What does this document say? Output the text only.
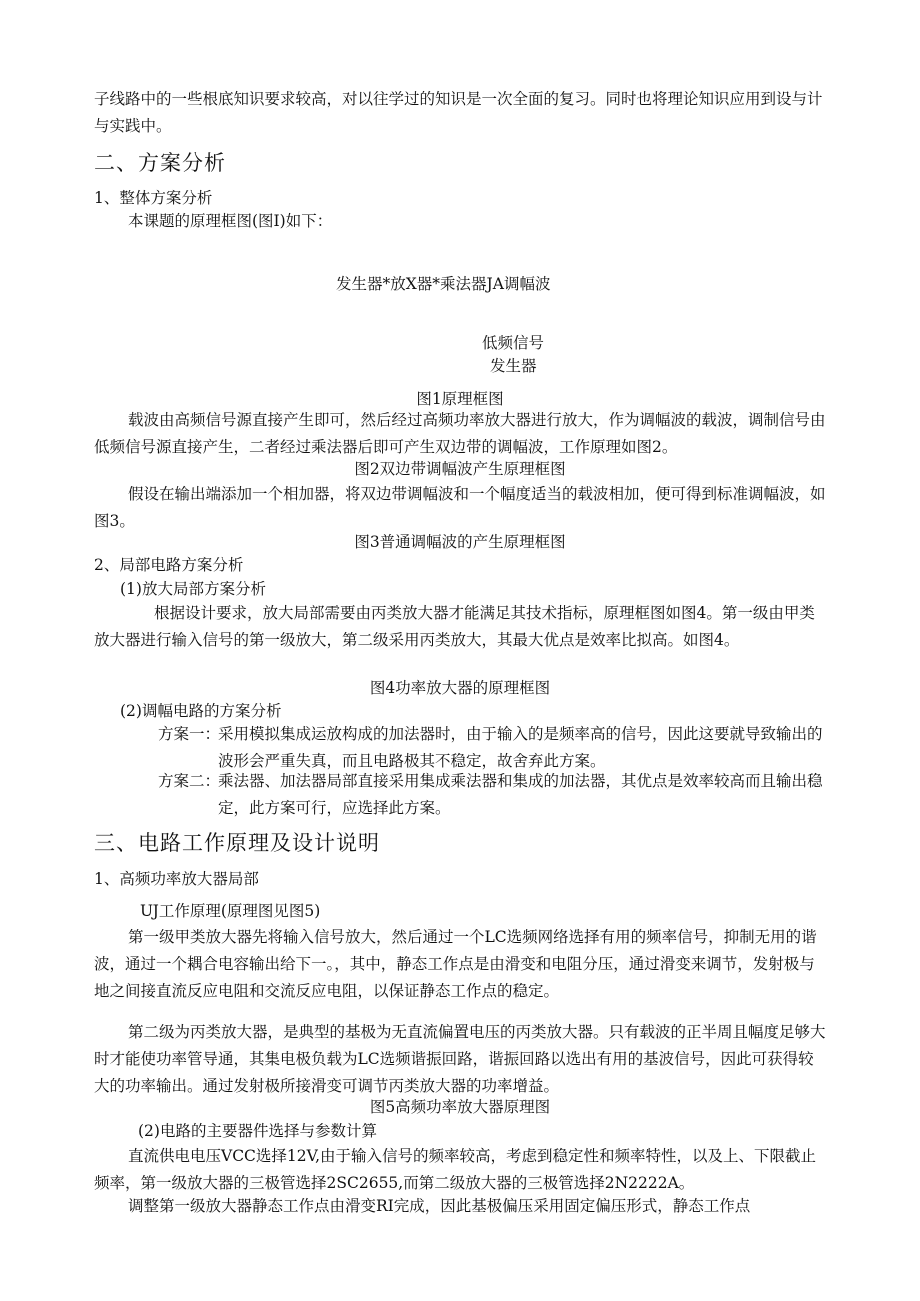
子线路中的一些根底知识要求较高，对以往学过的知识是一次全面的复习。同时也将理论知识应用到设与计与实践中。

二、方案分析

1、整体方案分析

本课题的原理框图(图I)如下：

发生器*放X器*乘法器JA调幅波

低频信号

发生器

图1原理框图

载波由高频信号源直接产生即可，然后经过高频功率放大器进行放大，作为调幅波的载波，调制信号由低频信号源直接产生，二者经过乘法器后即可产生双边带的调幅波，工作原理如图2。

图2双边带调幅波产生原理框图

假设在输出端添加一个相加器，将双边带调幅波和一个幅度适当的载波相加，便可得到标准调幅波，如图3。

图3普通调幅波的产生原理框图

2、局部电路方案分析

(1)放大局部方案分析

根据设计要求，放大局部需要由丙类放大器才能满足其技术指标，原理框图如图4。第一级由甲类放大器进行输入信号的第一级放大，第二级采用丙类放大，其最大优点是效率比拟高。如图4。

图4功率放大器的原理框图

(2)调幅电路的方案分析

方案一：

采用模拟集成运放构成的加法器时，由于输入的是频率高的信号，因此这要就导致输出的波形会严重失真，而且电路极其不稳定，故舍弃此方案。

方案二：

乘法器、加法器局部直接采用集成乘法器和集成的加法器，其优点是效率较高而且输出稳定，此方案可行，应选择此方案。

三、电路工作原理及设计说明

1、高频功率放大器局部

UJ工作原理(原理图见图5)

第一级甲类放大器先将输入信号放大，然后通过一个LC选频网络选择有用的频率信号，抑制无用的谐波，通过一个耦合电容输出给下一。，其中，静态工作点是由滑变和电阻分压，通过滑变来调节，发射极与地之间接直流反应电阻和交流反应电阻，以保证静态工作点的稳定。

第二级为丙类放大器，是典型的基极为无直流偏置电压的丙类放大器。只有载波的正半周且幅度足够大时才能使功率管导通，其集电极负载为LC选频谐振回路，谐振回路以选出有用的基波信号，因此可获得较大的功率输出。通过发射极所接滑变可调节丙类放大器的功率增益。

图5高频功率放大器原理图

(2)电路的主要器件选择与参数计算

直流供电电压VCC选择12V,由于输入信号的频率较高，考虑到稳定性和频率特性，以及上、下限截止频率，第一级放大器的三极管选择2SC2655,而第二级放大器的三极管选择2N2222A。

调整第一级放大器静态工作点由滑变RI完成，因此基极偏压采用固定偏压形式，静态工作点
